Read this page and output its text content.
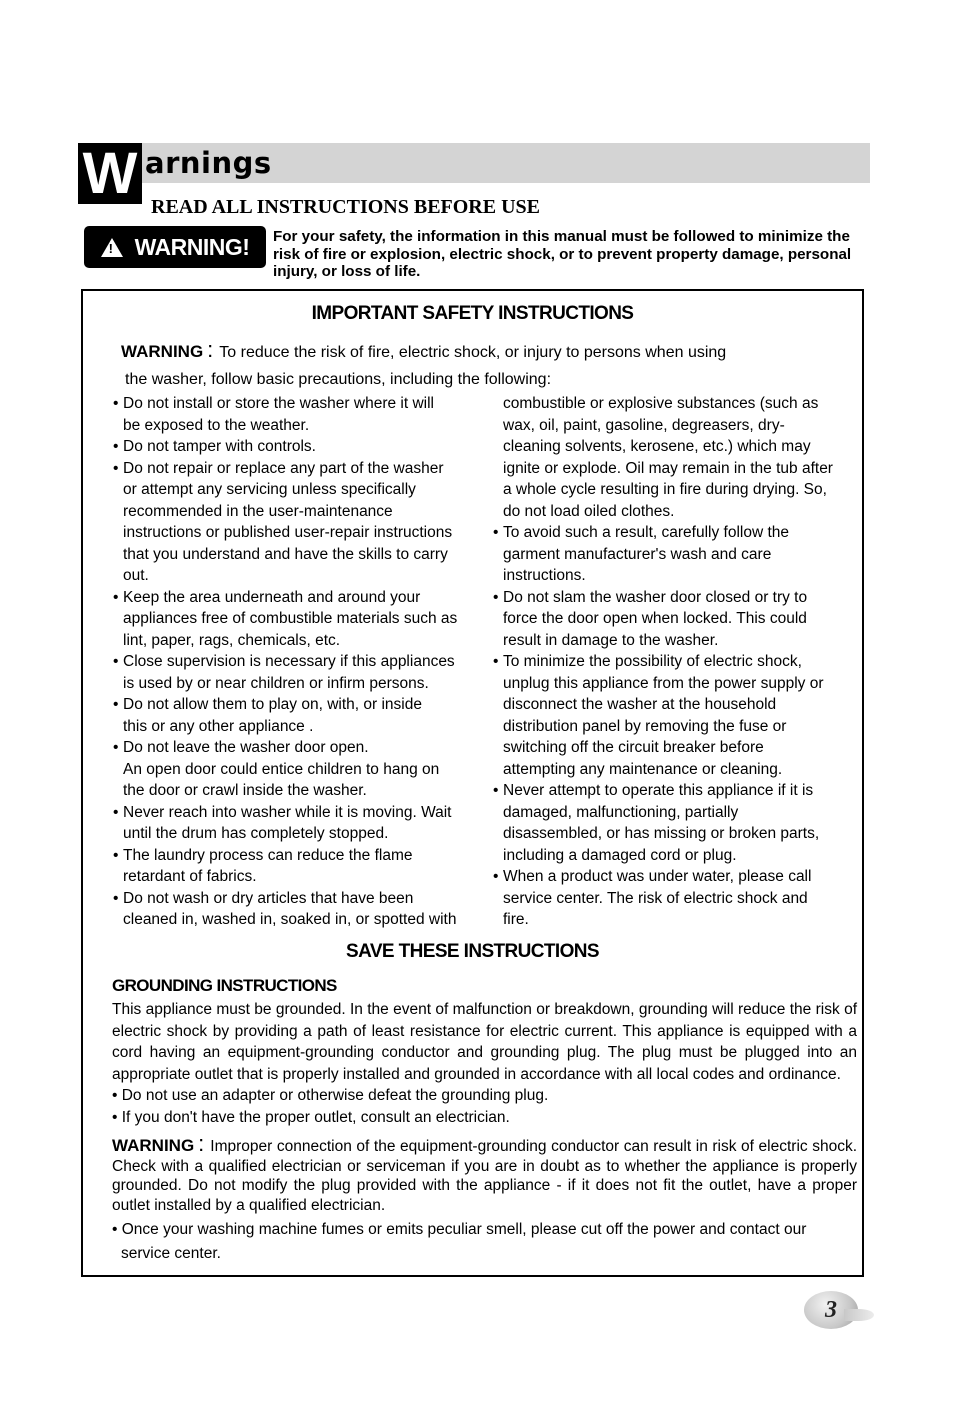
W arnings
READ ALL INSTRUCTIONS BEFORE USE
! WARNING! For your safety, the information in this manual must be followed to minimize the risk of fire or explosion, electric shock, or to prevent property damage, personal injury, or loss of life.
IMPORTANT SAFETY INSTRUCTIONS
WARNING : To reduce the risk of fire, electric shock, or injury to persons when using
the washer, follow basic precautions, including the following:

• Do not install or store the washer where it will

be exposed to the weather.

• Do not tamper with controls.

• Do not repair or replace any part of the washer

or attempt any servicing unless specifically

recommended in the user-maintenance

instructions or published user-repair instructions

that you understand and have the skills to carry

out.

• Keep the area underneath and around your

appliances free of combustible materials such as

lint, paper, rags, chemicals, etc.

• Close supervision is necessary if this appliances

is used by or near children or infirm persons.

• Do not allow them to play on, with, or inside

this or any other appliance .

• Do not leave the washer door open.

An open door could entice children to hang on

the door or crawl inside the washer.

• Never reach into washer while it is moving. Wait

until the drum has completely stopped.

• The laundry process can reduce the flame

retardant of fabrics.

• Do not wash or dry articles that have been

cleaned in, washed in, soaked in, or spotted with

combustible or explosive substances (such as

wax, oil, paint, gasoline, degreasers, dry-

cleaning solvents, kerosene, etc.) which may

ignite or explode. Oil may remain in the tub after

a whole cycle resulting in fire during drying. So,

do not load oiled clothes.

• To avoid such a result, carefully follow the

garment manufacturer's wash and care

instructions.

• Do not slam the washer door closed or try to

force the door open when locked. This could

result in damage to the washer.

• To minimize the possibility of electric shock,

unplug this appliance from the power supply or

disconnect the washer at the household

distribution panel by removing the fuse or

switching off the circuit breaker before

attempting any maintenance or cleaning.

• Never attempt to operate this appliance if it is

damaged, malfunctioning, partially

disassembled, or has missing or broken parts,

including a damaged cord or plug.

• When a product was under water, please call

service center. The risk of electric shock and

fire.

SAVE THESE INSTRUCTIONS
GROUNDING INSTRUCTIONS
This appliance must be grounded. In the event of malfunction or breakdown, grounding will reduce the risk of electric shock by providing a path of least resistance for electric current. This appliance is equipped with a cord having an equipment-grounding conductor and grounding plug. The plug must be plugged into an appropriate outlet that is properly installed and grounded in accordance with all local codes and ordinance.
• Do not use an adapter or otherwise defeat the grounding plug.
• If you don't have the proper outlet, consult an electrician.
WARNING : Improper connection of the equipment-grounding conductor can result in risk of electric shock. Check with a qualified electrician or serviceman if you are in doubt as to whether the appliance is properly grounded. Do not modify the plug provided with the appliance - if it does not fit the outlet, have a proper outlet installed by a qualified electrician.
• Once your washing machine fumes or emits peculiar smell, please cut off the power and contact our
service center.
3
